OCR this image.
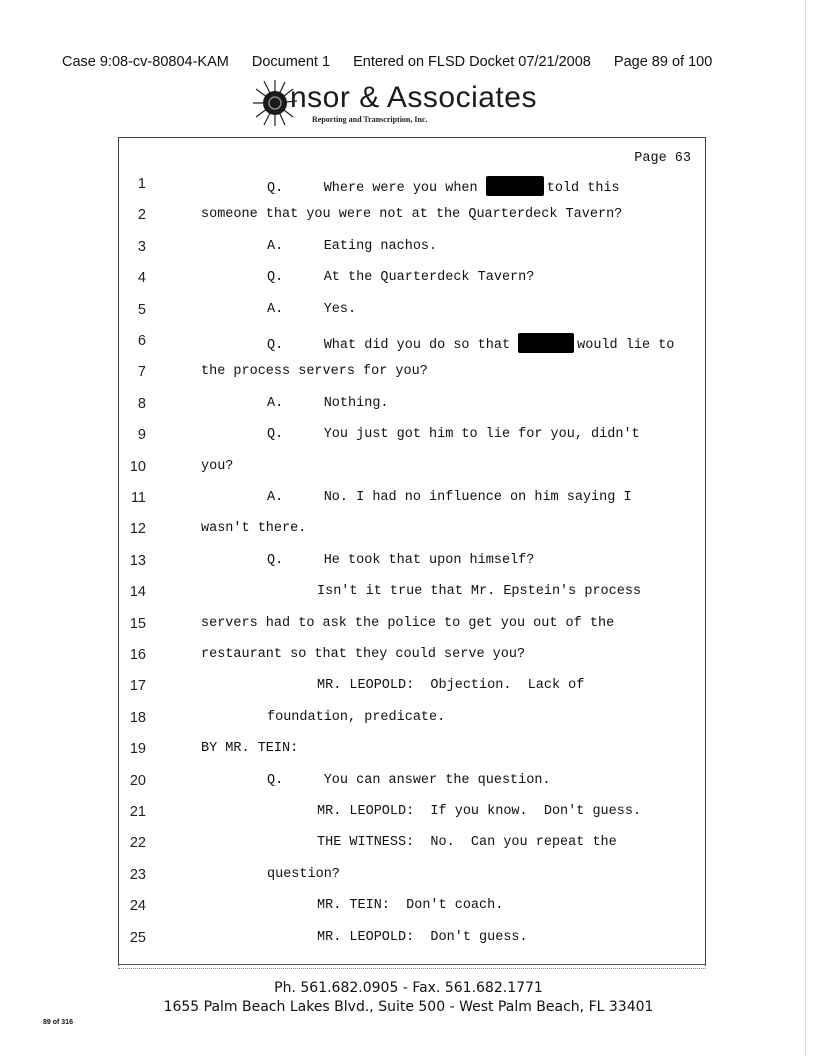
Case 9:08-cv-80804-KAM Document 1 Entered on FLSD Docket 07/21/2008 Page 89 of 100
nsor & Associates
Reporting and Transcription, Inc.
Page 63
1	Q.     Where were you when	told this
2	someone that you were not at the Quarterdeck Tavern?
3	A.     Eating nachos.
4	Q.     At the Quarterdeck Tavern?
5	A.     Yes.
6	Q.     What did you do so that	would lie to
7	the process servers for you?
8	A.     Nothing.
9	Q.     You just got him to lie for you, didn't
10	you?
11	A.     No. I had no influence on him saying I
12	wasn't there.
13	Q.     He took that upon himself?
14	Isn't it true that Mr. Epstein's process
15	servers had to ask the police to get you out of the
16	restaurant so that they could serve you?
17	MR. LEOPOLD:  Objection.  Lack of
18	foundation, predicate.
19	BY MR. TEIN:
20	Q.     You can answer the question.
21	MR. LEOPOLD:  If you know.  Don't guess.
22	THE WITNESS:  No.  Can you repeat the
23	question?
24	MR. TEIN:  Don't coach.
25	MR. LEOPOLD:  Don't guess.
Ph. 561.682.0905 - Fax. 561.682.1771
1655 Palm Beach Lakes Blvd., Suite 500 - West Palm Beach, FL 33401
89 of 316
